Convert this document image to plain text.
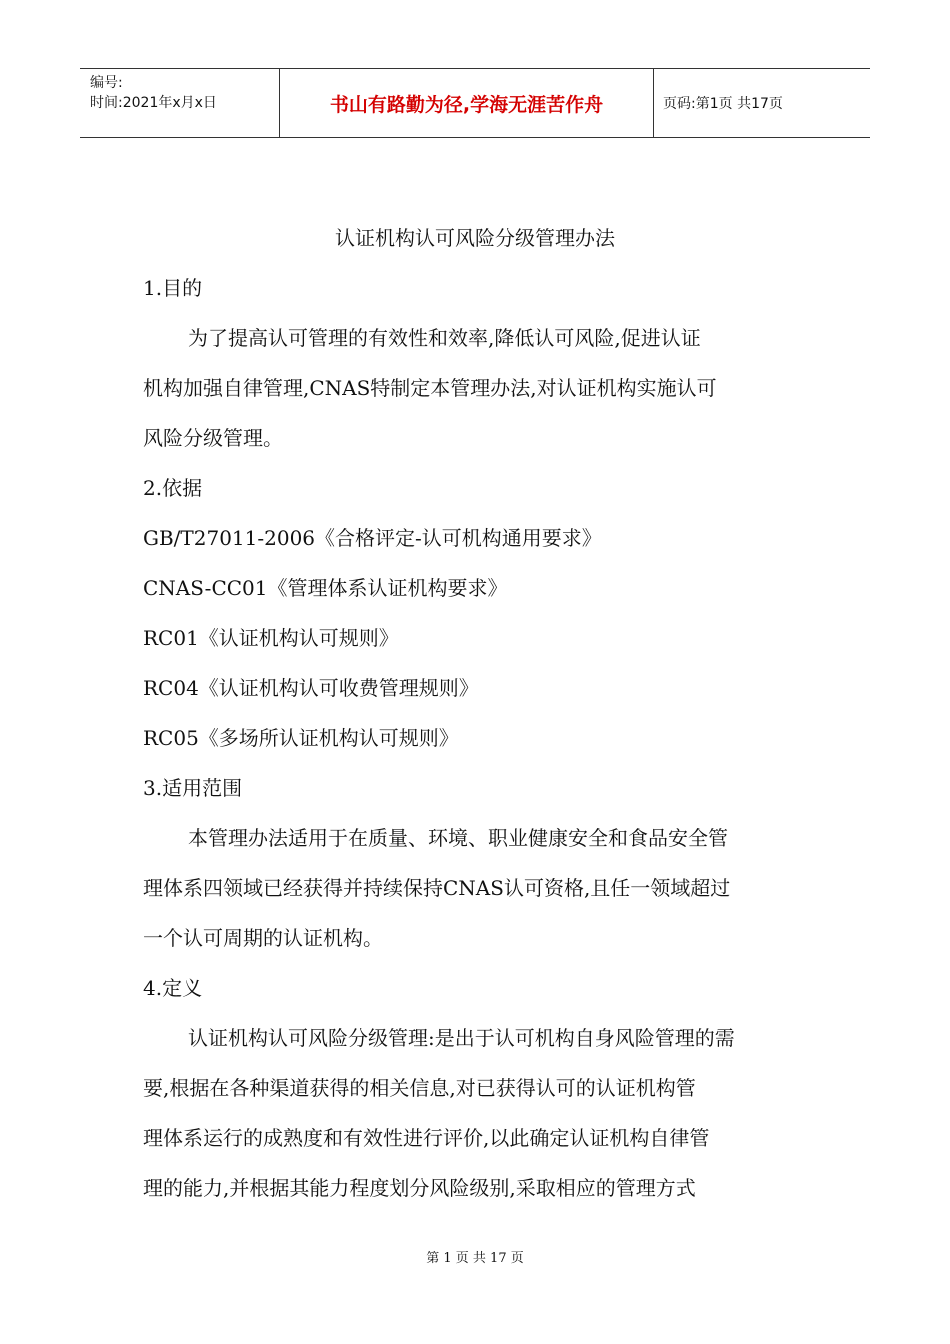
编号:
时间:2021年x月x日	书山有路勤为径,学海无涯苦作舟	页码:第1页 共17页
认证机构认可风险分级管理办法
1.目的
为了提高认可管理的有效性和效率,降低认可风险,促进认证
机构加强自律管理,CNAS特制定本管理办法,对认证机构实施认可
风险分级管理。
2.依据
GB/T27011-2006《合格评定-认可机构通用要求》
CNAS-CC01《管理体系认证机构要求》
RC01《认证机构认可规则》
RC04《认证机构认可收费管理规则》
RC05《多场所认证机构认可规则》
3.适用范围
本管理办法适用于在质量、环境、职业健康安全和食品安全管
理体系四领域已经获得并持续保持CNAS认可资格,且任一领域超过
一个认可周期的认证机构。
4.定义
认证机构认可风险分级管理:是出于认可机构自身风险管理的需
要,根据在各种渠道获得的相关信息,对已获得认可的认证机构管
理体系运行的成熟度和有效性进行评价,以此确定认证机构自律管
理的能力,并根据其能力程度划分风险级别,采取相应的管理方式
第 1 页 共 17 页
